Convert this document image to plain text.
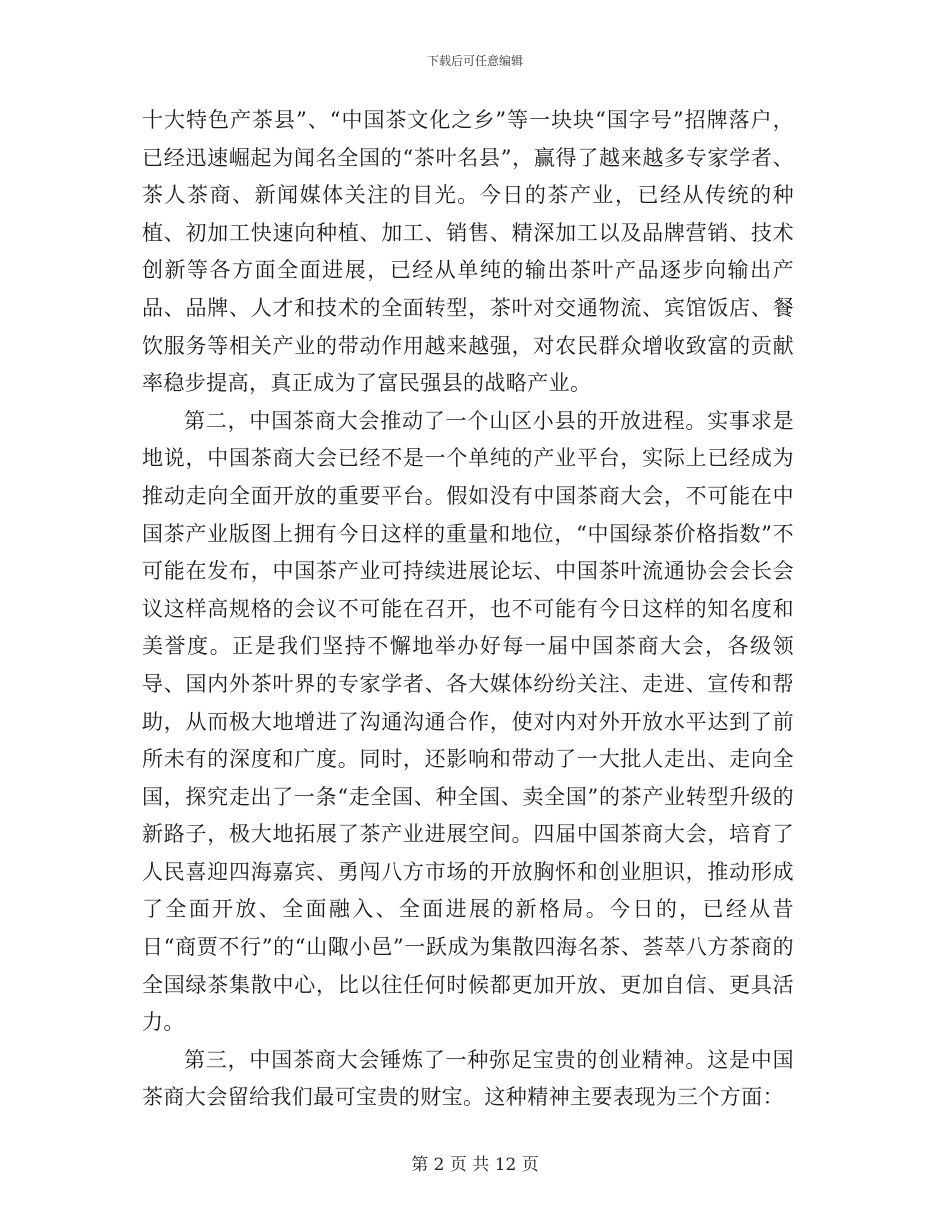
下载后可任意编辑

十大特色产茶县”、“中国茶文化之乡”等一块块“国字号”招牌落户，已经迅速崛起为闻名全国的“茶叶名县”，赢得了越来越多专家学者、茶人茶商、新闻媒体关注的目光。今日的茶产业，已经从传统的种植、初加工快速向种植、加工、销售、精深加工以及品牌营销、技术创新等各方面全面进展，已经从单纯的输出茶叶产品逐步向输出产品、品牌、人才和技术的全面转型，茶叶对交通物流、宾馆饭店、餐饮服务等相关产业的带动作用越来越强，对农民群众增收致富的贡献率稳步提高，真正成为了富民强县的战略产业。

第二，中国茶商大会推动了一个山区小县的开放进程。实事求是地说，中国茶商大会已经不是一个单纯的产业平台，实际上已经成为推动走向全面开放的重要平台。假如没有中国茶商大会，不可能在中国茶产业版图上拥有今日这样的重量和地位，“中国绿茶价格指数”不可能在发布，中国茶产业可持续进展论坛、中国茶叶流通协会会长会议这样高规格的会议不可能在召开，也不可能有今日这样的知名度和美誉度。正是我们坚持不懈地举办好每一届中国茶商大会，各级领导、国内外茶叶界的专家学者、各大媒体纷纷关注、走进、宣传和帮助，从而极大地增进了沟通沟通合作，使对内对外开放水平达到了前所未有的深度和广度。同时，还影响和带动了一大批人走出、走向全国，探究走出了一条“走全国、种全国、卖全国”的茶产业转型升级的新路子，极大地拓展了茶产业进展空间。四届中国茶商大会，培育了人民喜迎四海嘉宾、勇闯八方市场的开放胸怀和创业胆识，推动形成了全面开放、全面融入、全面进展的新格局。今日的，已经从昔日“商贾不行”的“山陬小邑”一跃成为集散四海名茶、荟萃八方茶商的全国绿茶集散中心，比以往任何时候都更加开放、更加自信、更具活力。

第三，中国茶商大会锤炼了一种弥足宝贵的创业精神。这是中国茶商大会留给我们最可宝贵的财宝。这种精神主要表现为三个方面：

第 2 页 共 12 页
